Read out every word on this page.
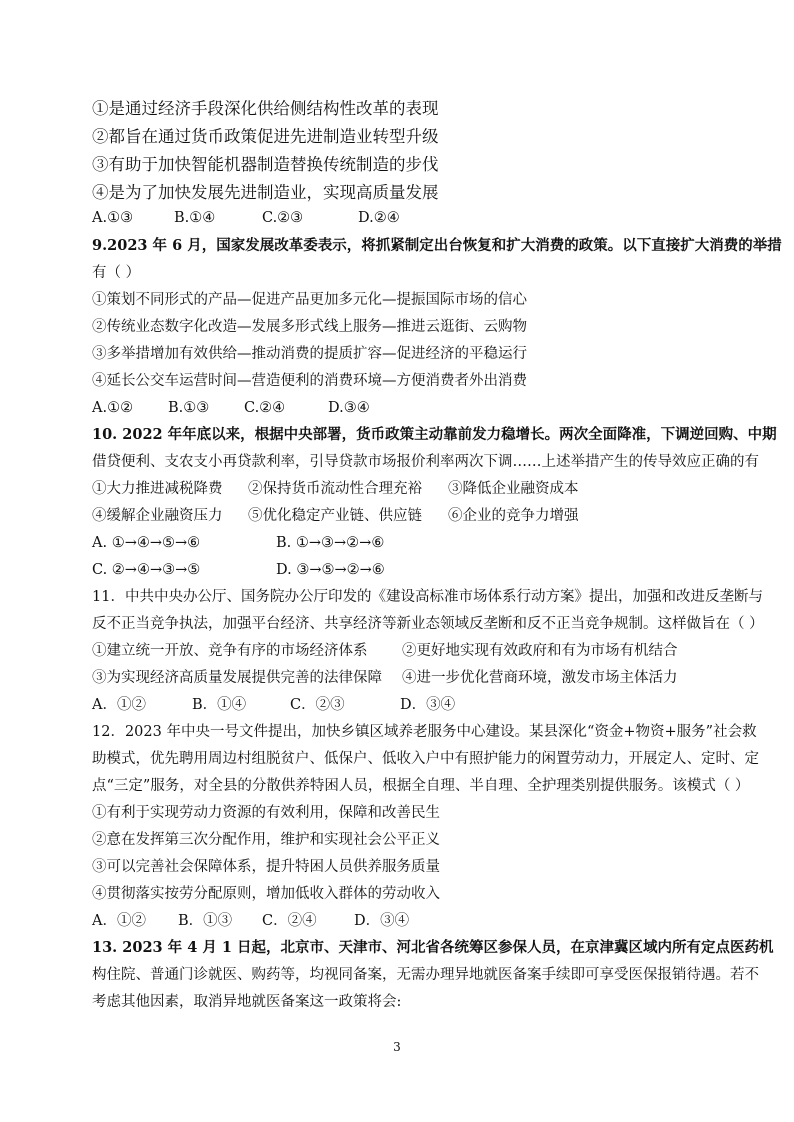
①是通过经济手段深化供给侧结构性改革的表现
②都旨在通过货币政策促进先进制造业转型升级
③有助于加快智能机器制造替换传统制造的步伐
④是为了加快发展先进制造业，实现高质量发展
A.①③	B.①④	C.②③	D.②④
9.2023 年 6 月，国家发展改革委表示，将抓紧制定出台恢复和扩大消费的政策。以下直接扩大消费的举措
有（ ）
①策划不同形式的产品—促进产品更加多元化—提振国际市场的信心
②传统业态数字化改造—发展多形式线上服务—推进云逛街、云购物
③多举措增加有效供给—推动消费的提质扩容—促进经济的平稳运行
④延长公交车运营时间—营造便利的消费环境—方便消费者外出消费
A.①② B.①③ C.②④	D.③④
10. 2022 年年底以来，根据中央部署，货币政策主动靠前发力稳增长。两次全面降准，下调逆回购、中期
借贷便利、支农支小再贷款利率，引导贷款市场报价利率两次下调……上述举措产生的传导效应正确的有
①大力推进减税降费 ②保持货币流动性合理充裕 ③降低企业融资成本
④缓解企业融资压力 ⑤优化稳定产业链、供应链 ⑥企业的竞争力增强
A. ①→④→⑤→⑥	B. ①→③→②→⑥
C. ②→④→③→⑤	D. ③→⑤→②→⑥
11．中共中央办公厅、国务院办公厅印发的《建设高标准市场体系行动方案》提出，加强和改进反垄断与
反不正当竞争执法，加强平台经济、共享经济等新业态领域反垄断和反不正当竞争规制。这样做旨在（ ）
①建立统一开放、竞争有序的市场经济体系 ②更好地实现有效政府和有为市场有机结合
③为实现经济高质量发展提供完善的法律保障 ④进一步优化营商环境，激发市场主体活力
A．①②	B．①④	C．②③	D．③④
12．2023 年中央一号文件提出，加快乡镇区域养老服务中心建设。某县深化“资金+物资+服务”社会救
助模式，优先聘用周边村组脱贫户、低保户、低收入户中有照护能力的闲置劳动力，开展定人、定时、定
点“三定”服务，对全县的分散供养特困人员，根据全自理、半自理、全护理类别提供服务。该模式（ ）
①有利于实现劳动力资源的有效利用，保障和改善民生
②意在发挥第三次分配作用，维护和实现社会公平正义
③可以完善社会保障体系，提升特困人员供养服务质量
④贯彻落实按劳分配原则，增加低收入群体的劳动收入
A．①② B．①③ C．②④	D．③④
13. 2023 年 4 月 1 日起，北京市、天津市、河北省各统筹区参保人员，在京津冀区域内所有定点医药机
构住院、普通门诊就医、购药等，均视同备案，无需办理异地就医备案手续即可享受医保报销待遇。若不
考虑其他因素，取消异地就医备案这一政策将会:
3
